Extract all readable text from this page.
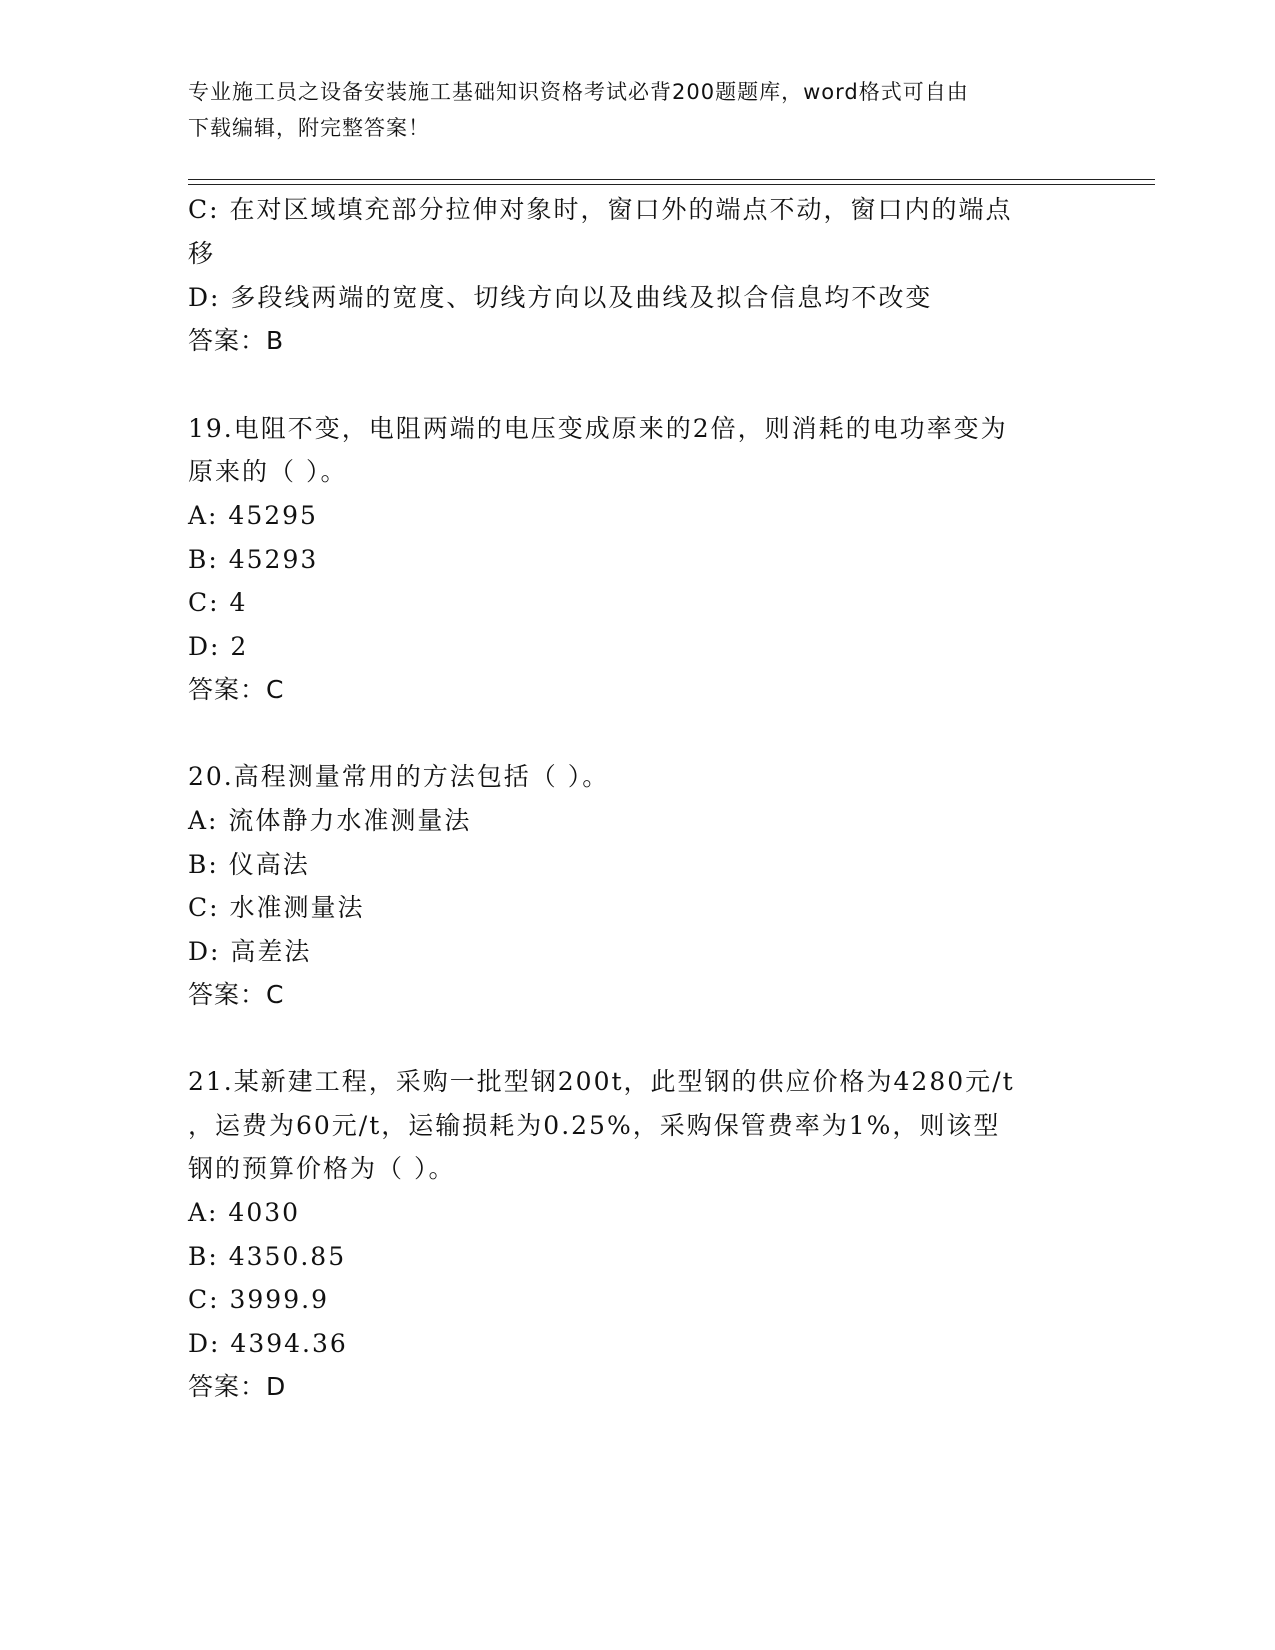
专业施工员之设备安装施工基础知识资格考试必背200题题库，word格式可自由
下载编辑，附完整答案！
C: 在对区域填充部分拉伸对象时，窗口外的端点不动，窗口内的端点
移
D: 多段线两端的宽度、切线方向以及曲线及拟合信息均不改变
答案：B
19.电阻不变，电阻两端的电压变成原来的2倍，则消耗的电功率变为
原来的（ ）。
A: 45295
B: 45293
C: 4
D: 2
答案：C
20.高程测量常用的方法包括（ ）。
A: 流体静力水准测量法
B: 仪高法
C: 水准测量法
D: 高差法
答案：C
21.某新建工程，采购一批型钢200t，此型钢的供应价格为4280元/t
，运费为60元/t，运输损耗为0.25%，采购保管费率为1%，则该型
钢的预算价格为（ ）。
A: 4030
B: 4350.85
C: 3999.9
D: 4394.36
答案：D
